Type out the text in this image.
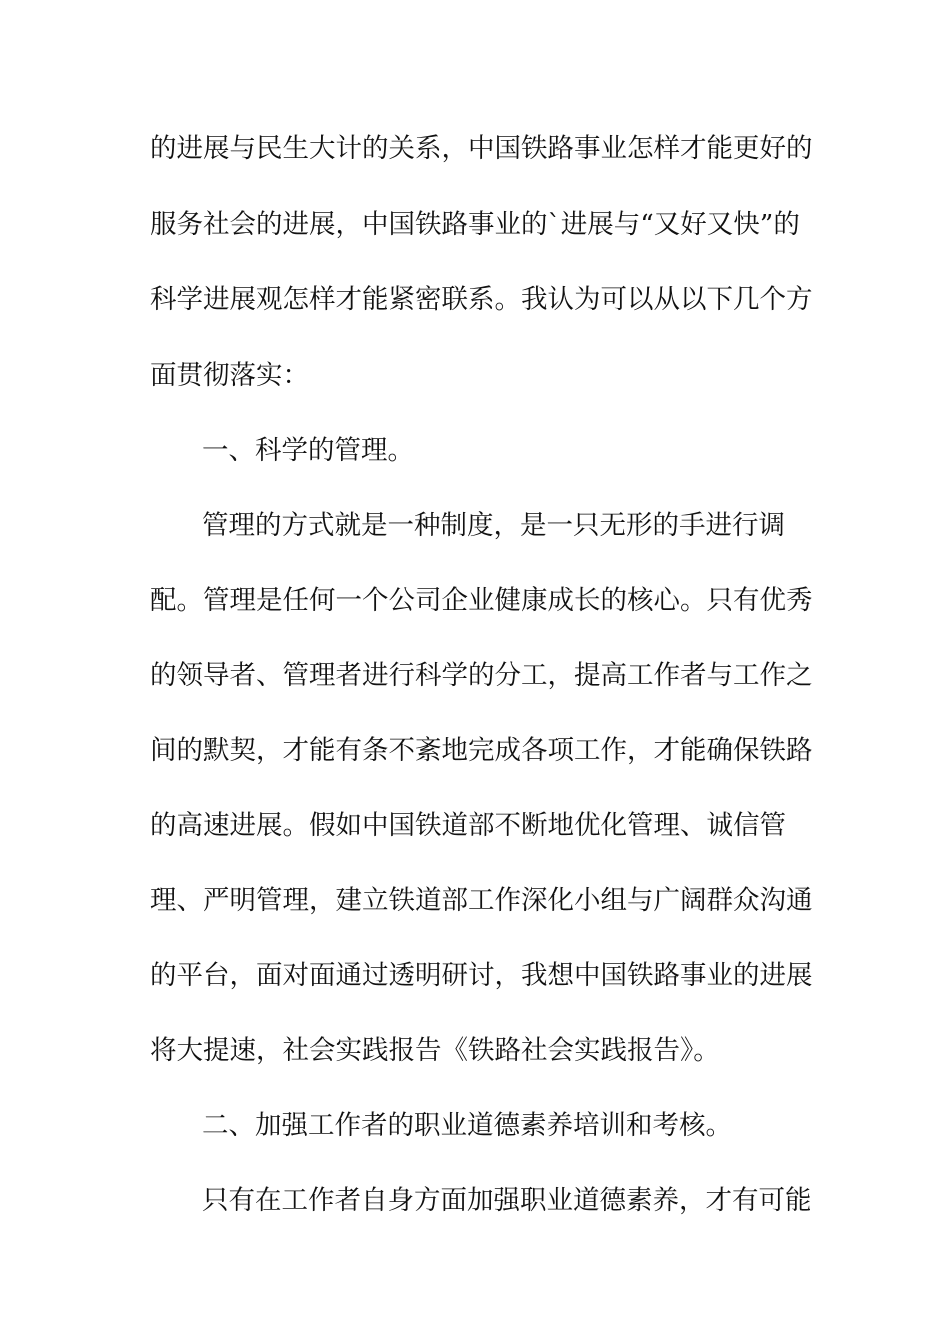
的进展与民生大计的关系，中国铁路事业怎样才能更好的

服务社会的进展，中国铁路事业的`进展与“又好又快”的

科学进展观怎样才能紧密联系。我认为可以从以下几个方

面贯彻落实：

一、科学的管理。

管理的方式就是一种制度，是一只无形的手进行调

配。管理是任何一个公司企业健康成长的核心。只有优秀

的领导者、管理者进行科学的分工，提高工作者与工作之

间的默契，才能有条不紊地完成各项工作，才能确保铁路

的高速进展。假如中国铁道部不断地优化管理、诚信管

理、严明管理，建立铁道部工作深化小组与广阔群众沟通

的平台，面对面通过透明研讨，我想中国铁路事业的进展

将大提速，社会实践报告《铁路社会实践报告》。

二、加强工作者的职业道德素养培训和考核。

只有在工作者自身方面加强职业道德素养，才有可能
